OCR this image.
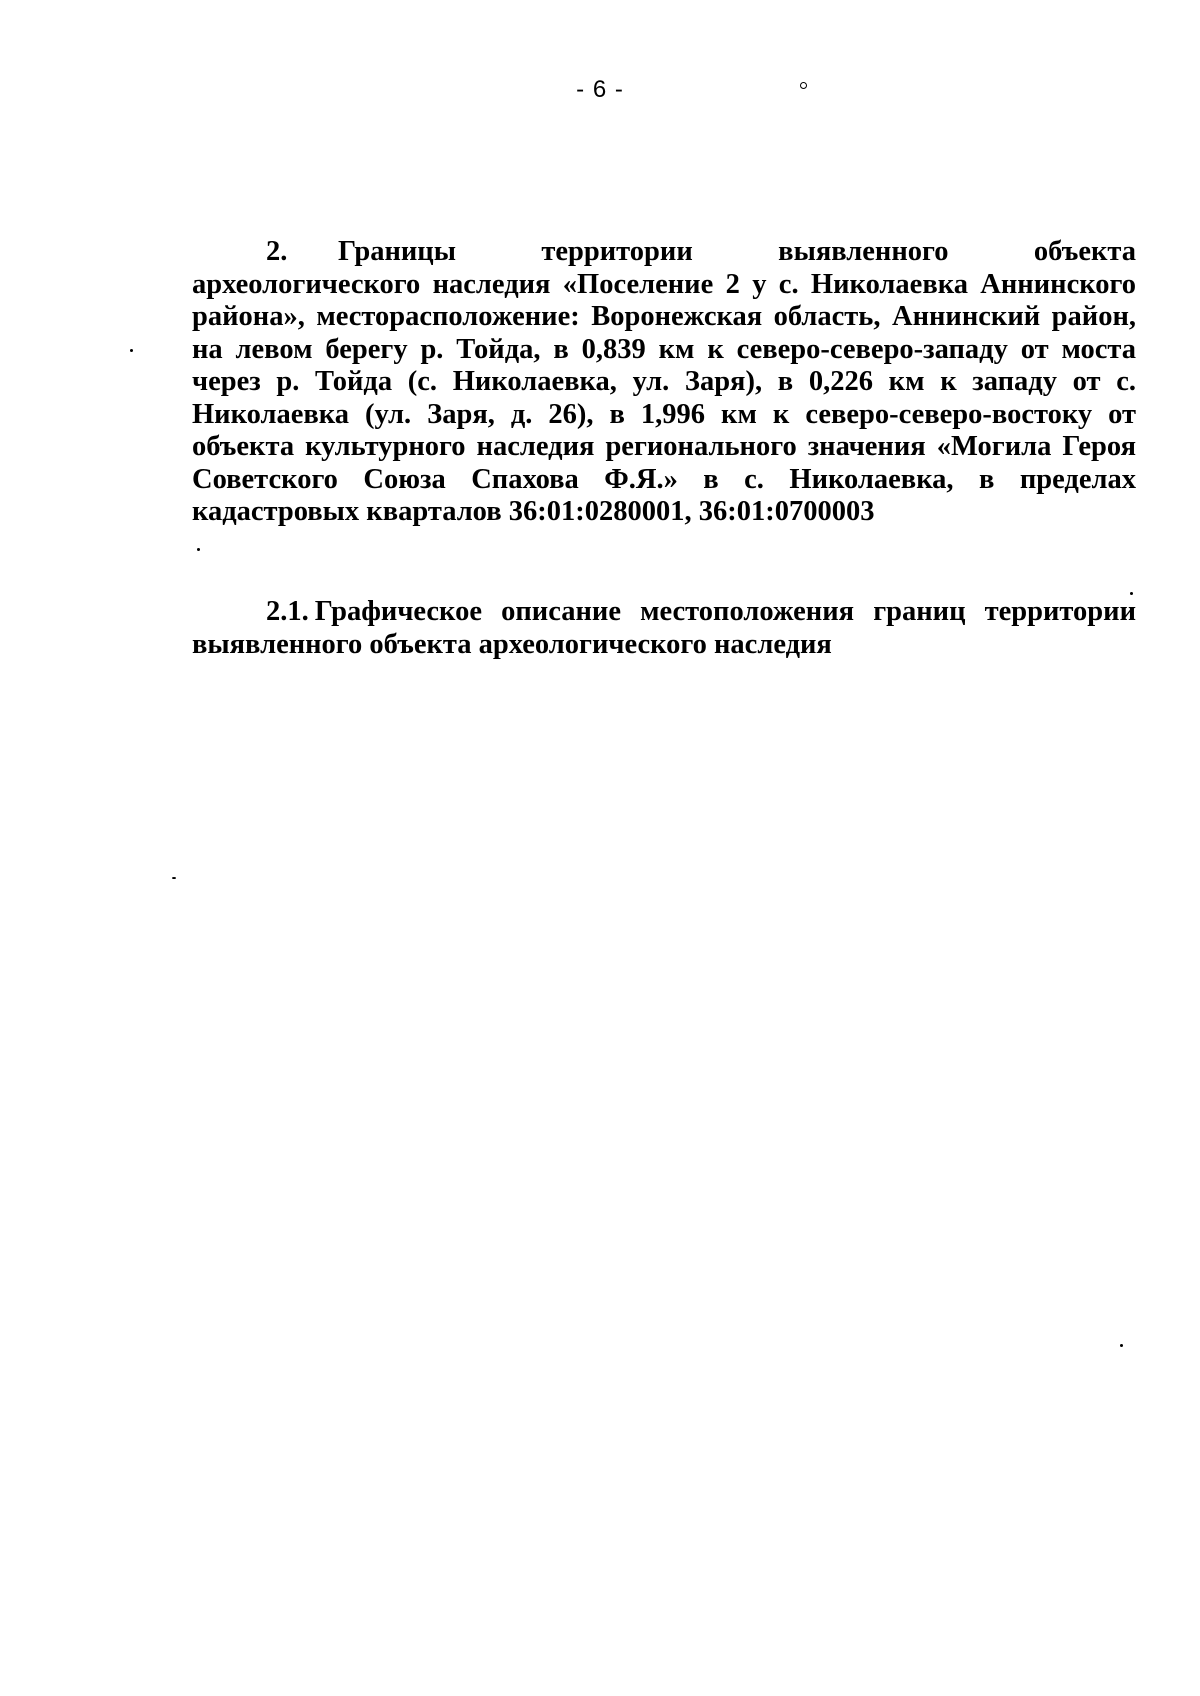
- 6 -

2. Границы территории выявленного объекта археологического наследия «Поселение 2 у с. Николаевка Аннинского района», месторасположение: Воронежская область, Аннинский район, на левом берегу р. Тойда, в 0,839 км к северо-северо-западу от моста через р. Тойда (с. Николаевка, ул. Заря), в 0,226 км к западу от с. Николаевка (ул. Заря, д. 26), в 1,996 км к северо-северо-востоку от объекта культурного наследия регионального значения «Могила Героя Советского Союза Спахова Ф.Я.» в с. Николаевка, в пределах кадастровых кварталов 36:01:0280001, 36:01:0700003

2.1. Графическое описание местоположения границ территории выявленного объекта археологического наследия
